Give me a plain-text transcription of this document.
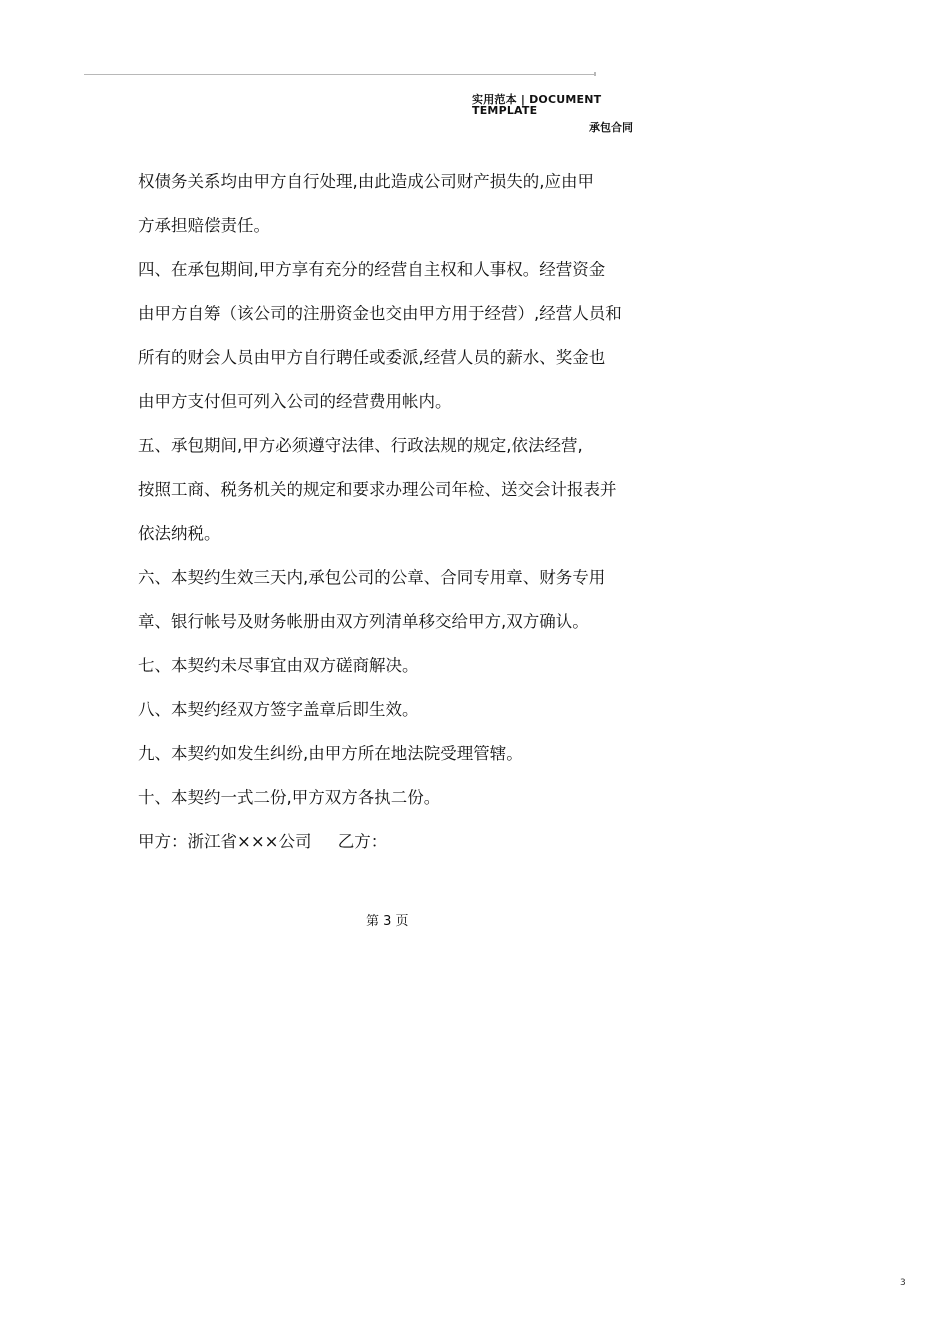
实用范本 | DOCUMENT TEMPLATE
承包合同

权债务关系均由甲方自行处理,由此造成公司财产损失的,应由甲

方承担赔偿责任。

四、在承包期间,甲方享有充分的经营自主权和人事权。经营资金

由甲方自筹（该公司的注册资金也交由甲方用于经营）,经营人员和

所有的财会人员由甲方自行聘任或委派,经营人员的薪水、奖金也

由甲方支付但可列入公司的经营费用帐内。

五、承包期间,甲方必须遵守法律、行政法规的规定,依法经营,

按照工商、税务机关的规定和要求办理公司年检、送交会计报表并

依法纳税。

六、本契约生效三天内,承包公司的公章、合同专用章、财务专用

章、银行帐号及财务帐册由双方列清单移交给甲方,双方确认。

七、本契约未尽事宜由双方磋商解决。

八、本契约经双方签字盖章后即生效。

九、本契约如发生纠纷,由甲方所在地法院受理管辖。

十、本契约一式二份,甲方双方各执二份。

甲方：浙江省×××公司     乙方：

第 3 页
3
